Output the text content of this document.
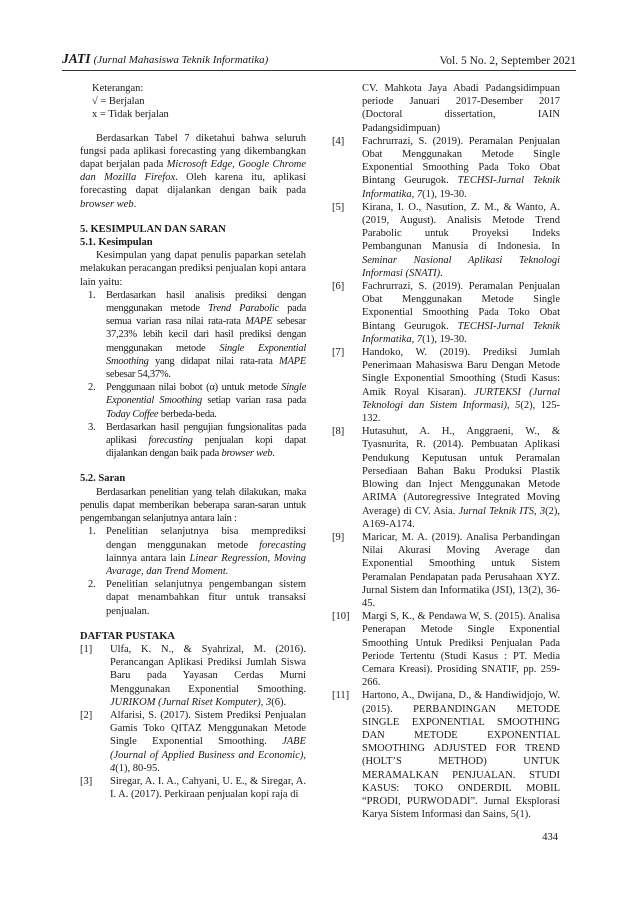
JATI (Jurnal Mahasiswa Teknik Informatika)	Vol. 5 No. 2, September 2021
Keterangan:
√ = Berjalan
x = Tidak berjalan

Berdasarkan Tabel 7 diketahui bahwa seluruh fungsi pada aplikasi forecasting yang dikembangkan dapat berjalan pada Microsoft Edge, Google Chrome dan Mozilla Firefox. Oleh karena itu, aplikasi forecasting dapat dijalankan dengan baik pada browser web.

5. KESIMPULAN DAN SARAN
5.1. Kesimpulan

Kesimpulan yang dapat penulis paparkan setelah melakukan peracangan prediksi penjualan kopi antara lain yaitu:

1. Berdasarkan hasil analisis prediksi dengan menggunakan metode Trend Parabolic pada semua varian rasa nilai rata-rata MAPE sebesar 37,23% lebih kecil dari hasil prediksi dengan menggunakan metode Single Exponential Smoothing yang didapat nilai rata-rata MAPE sebesar 54,37%.
2. Penggunaan nilai bobot (α) untuk metode Single Exponential Smoothing setiap varian rasa pada Today Coffee berbeda-beda.
3. Berdasarkan hasil pengujian fungsionalitas pada aplikasi forecasting penjualan kopi dapat dijalankan dengan baik pada browser web.
5.2. Saran

Berdasarkan penelitian yang telah dilakukan, maka penulis dapat memberikan beberapa saran-saran untuk pengembangan selanjutnya antara lain :

1. Penelitian selanjutnya bisa memprediksi dengan menggunakan metode forecasting lainnya antara lain Linear Regression, Moving Avarage, dan Trend Moment.
2. Penelitian selanjutnya pengembangan sistem dapat menambahkan fitur untuk transaksi penjualan.
DAFTAR PUSTAKA
[1] Ulfa, K. N., & Syahrizal, M. (2016). Perancangan Aplikasi Prediksi Jumlah Siswa Baru pada Yayasan Cerdas Murni Menggunakan Exponential Smoothing. JURIKOM (Jurnal Riset Komputer), 3(6).
[2] Alfarisi, S. (2017). Sistem Prediksi Penjualan Gamis Toko QITAZ Menggunakan Metode Single Exponential Smoothing. JABE (Journal of Applied Business and Economic), 4(1), 80-95.
[3] Siregar, A. I. A., Cahyani, U. E., & Siregar, A. I. A. (2017). Perkiraan penjualan kopi raja di
CV. Mahkota Jaya Abadi Padangsidimpuan periode Januari 2017-Desember 2017 (Doctoral dissertation, IAIN Padangsidimpuan)
[4] Fachrurrazi, S. (2019). Peramalan Penjualan Obat Menggunakan Metode Single Exponential Smoothing Pada Toko Obat Bintang Geurugok. TECHSI-Jurnal Teknik Informatika, 7(1), 19-30.
[5] Kirana, I. O., Nasution, Z. M., & Wanto, A. (2019, August). Analisis Metode Trend Parabolic untuk Proyeksi Indeks Pembangunan Manusia di Indonesia. In Seminar Nasional Aplikasi Teknologi Informasi (SNATI).
[6] Fachrurrazi, S. (2019). Peramalan Penjualan Obat Menggunakan Metode Single Exponential Smoothing Pada Toko Obat Bintang Geurugok. TECHSI-Jurnal Teknik Informatika, 7(1), 19-30.
[7] Handoko, W. (2019). Prediksi Jumlah Penerimaan Mahasiswa Baru Dengan Metode Single Exponential Smoothing (Studi Kasus: Amik Royal Kisaran). JURTEKSI (Jurnal Teknologi dan Sistem Informasi), 5(2), 125-132.
[8] Hutasuhut, A. H., Anggraeni, W., & Tyasnurita, R. (2014). Pembuatan Aplikasi Pendukung Keputusan untuk Peramalan Persediaan Bahan Baku Produksi Plastik Blowing dan Inject Menggunakan Metode ARIMA (Autoregressive Integrated Moving Average) di CV. Asia. Jurnal Teknik ITS, 3(2), A169-A174.
[9] Maricar, M. A. (2019). Analisa Perbandingan Nilai Akurasi Moving Average dan Exponential Smoothing untuk Sistem Peramalan Pendapatan pada Perusahaan XYZ. Jurnal Sistem dan Informatika (JSI), 13(2), 36-45.
[10] Margi S, K., & Pendawa W, S. (2015). Analisa Penerapan Metode Single Exponential Smoothing Untuk Prediksi Penjualan Pada Periode Tertentu (Studi Kasus : PT. Media Cemara Kreasi). Prosiding SNATIF, pp. 259-266.
[11] Hartono, A., Dwijana, D., & Handiwidjojo, W. (2015). PERBANDINGAN METODE SINGLE EXPONENTIAL SMOOTHING DAN METODE EXPONENTIAL SMOOTHING ADJUSTED FOR TREND (HOLT’S METHOD) UNTUK MERAMALKAN PENJUALAN. STUDI KASUS: TOKO ONDERDIL MOBIL “PRODI, PURWODADI”. Jurnal Eksplorasi Karya Sistem Informasi dan Sains, 5(1).
434
